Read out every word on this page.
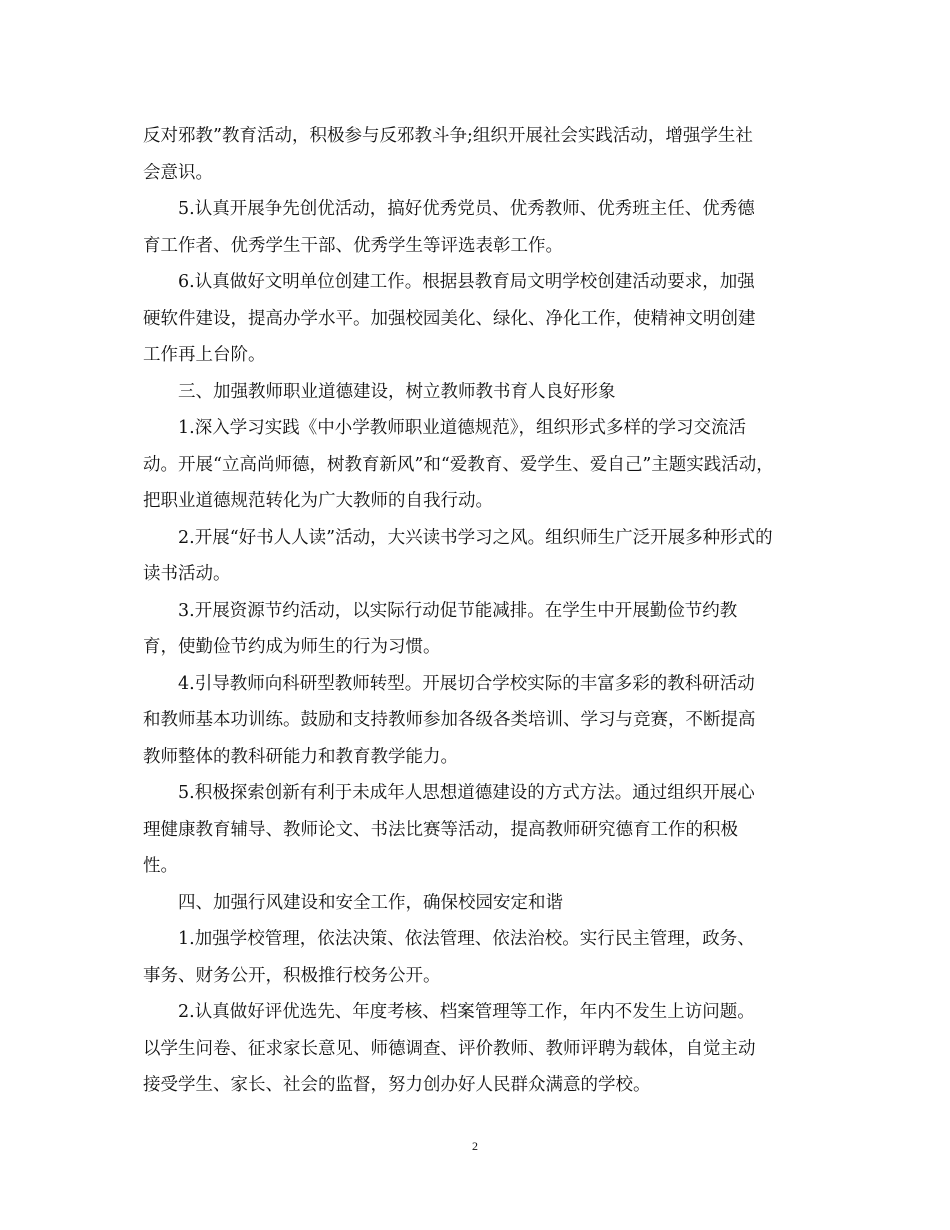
反对邪教”教育活动，积极参与反邪教斗争;组织开展社会实践活动，增强学生社
会意识。
5.认真开展争先创优活动，搞好优秀党员、优秀教师、优秀班主任、优秀德
育工作者、优秀学生干部、优秀学生等评选表彰工作。
6.认真做好文明单位创建工作。根据县教育局文明学校创建活动要求，加强
硬软件建设，提高办学水平。加强校园美化、绿化、净化工作，使精神文明创建
工作再上台阶。
三、加强教师职业道德建设，树立教师教书育人良好形象
1.深入学习实践《中小学教师职业道德规范》，组织形式多样的学习交流活
动。开展“立高尚师德，树教育新风”和“爱教育、爱学生、爱自己”主题实践活动，
把职业道德规范转化为广大教师的自我行动。
2.开展“好书人人读”活动，大兴读书学习之风。组织师生广泛开展多种形式的
读书活动。
3.开展资源节约活动，以实际行动促节能减排。在学生中开展勤俭节约教
育，使勤俭节约成为师生的行为习惯。
4.引导教师向科研型教师转型。开展切合学校实际的丰富多彩的教科研活动
和教师基本功训练。鼓励和支持教师参加各级各类培训、学习与竞赛，不断提高
教师整体的教科研能力和教育教学能力。
5.积极探索创新有利于未成年人思想道德建设的方式方法。通过组织开展心
理健康教育辅导、教师论文、书法比赛等活动，提高教师研究德育工作的积极
性。
四、加强行风建设和安全工作，确保校园安定和谐
1.加强学校管理，依法决策、依法管理、依法治校。实行民主管理，政务、
事务、财务公开，积极推行校务公开。
2.认真做好评优选先、年度考核、档案管理等工作，年内不发生上访问题。
以学生问卷、征求家长意见、师德调查、评价教师、教师评聘为载体，自觉主动
接受学生、家长、社会的监督，努力创办好人民群众满意的学校。
2
